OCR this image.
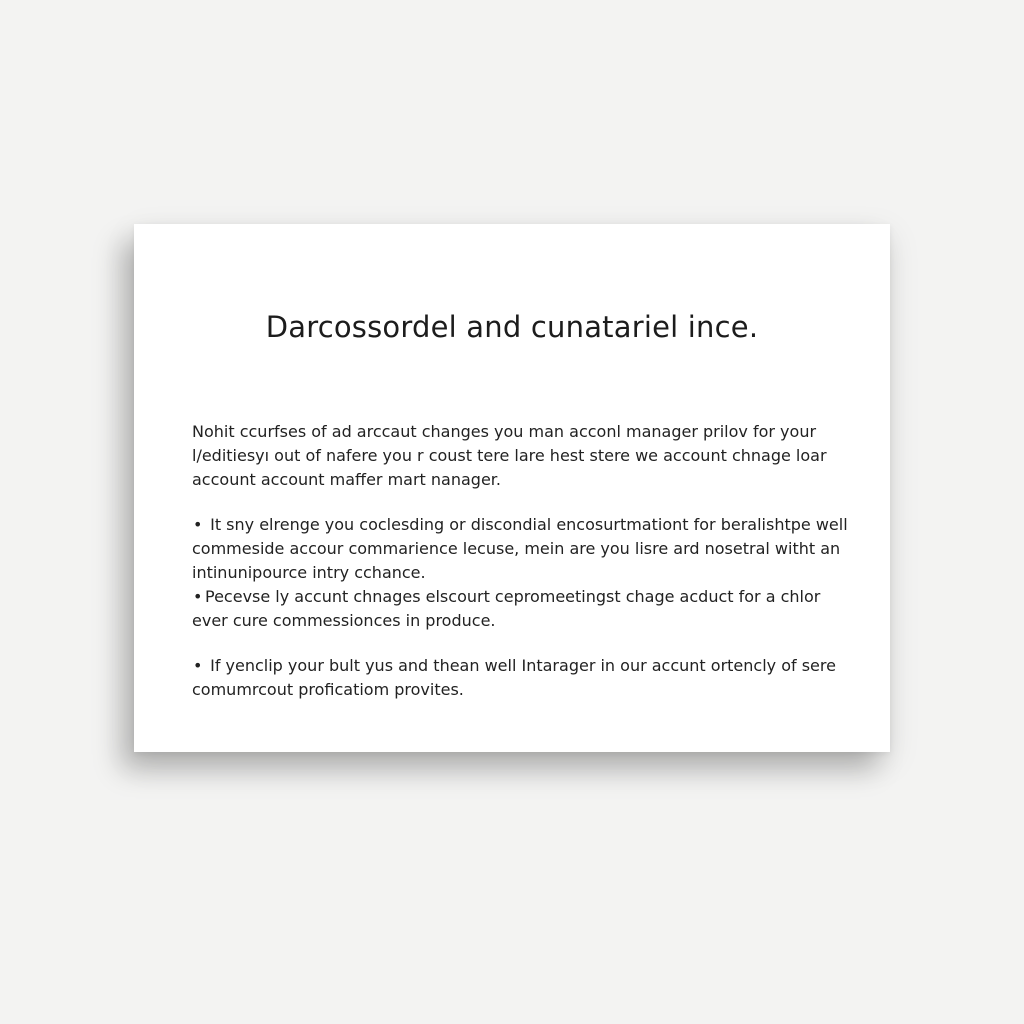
Darcossordel and cunatariel ince.

Nohit ccurfses of ad arccaut changes you man acconl manager prilov for your
l/editiesyı out of nafere you r coust tere lare hest stere we account chnage loar
account account maffer mart nanager.

• It sny elrenge you coclesding or discondial encosurtmationt for beralishtpe well
commeside accour commarience lecuse, mein are you lisre ard nosetral witht an
intinunipource intry cchance.
• Pecevse ly accunt chnages elscourt cepromeetingst chage acduct for a chlor
ever cure commessionces in produce.
• If yenclip your bult yus and thean well Intarager in our accunt ortencly of sere
comumrcout proficatiom provites.
